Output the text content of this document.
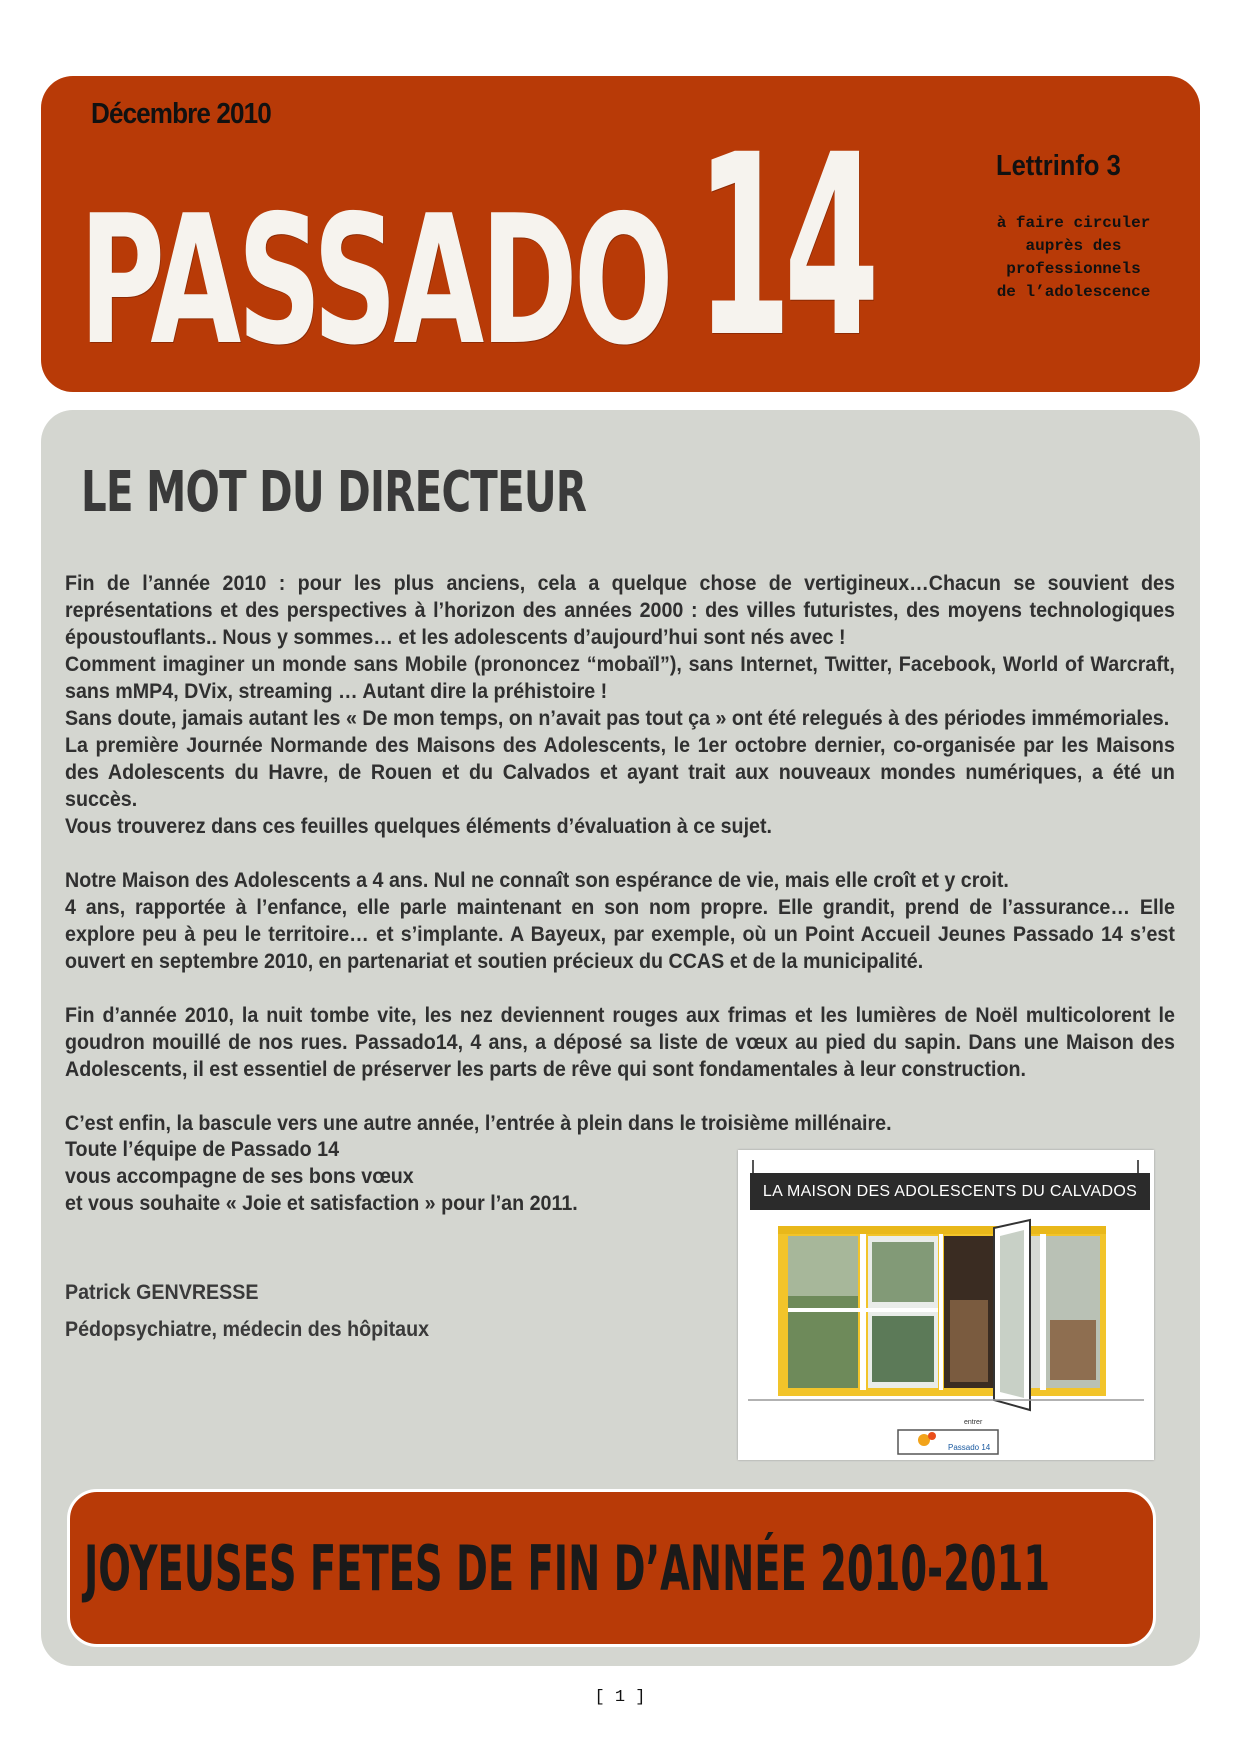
Décembre 2010
PASSADO 14	Lettrinfo 3
à faire circuler
auprès des
professionnels
de l’adolescence
LE MOT DU DIRECTEUR

Fin de l’année 2010 : pour les plus anciens, cela a quelque chose de vertigineux…Chacun se souvient des représentations et des perspectives à l’horizon des années 2000 : des villes futuristes, des moyens technologiques époustouflants.. Nous y sommes… et les adolescents d’aujourd’hui sont nés avec !

Comment imaginer un monde sans Mobile (prononcez “mobaïl”), sans Internet, Twitter, Facebook, World of Warcraft, sans mMP4, DVix, streaming … Autant dire la préhistoire !

Sans doute, jamais autant les « De mon temps, on n’avait pas tout ça » ont été relegués à des périodes immémoriales.

La première Journée Normande des Maisons des Adolescents, le 1er octobre dernier, co-organisée par les Maisons des Adolescents du Havre, de Rouen et du Calvados et ayant trait aux nouveaux mondes numériques, a été un succès.

Vous trouverez dans ces feuilles quelques éléments d’évaluation à ce sujet.

Notre Maison des Adolescents a 4 ans. Nul ne connaît son espérance de vie, mais elle croît et y croit.

4 ans, rapportée à l’enfance, elle parle maintenant en son nom propre. Elle grandit, prend de l’assurance… Elle explore peu à peu le territoire… et s’implante. A Bayeux, par exemple, où un Point Accueil Jeunes Passado 14 s’est ouvert en septembre 2010, en partenariat et soutien précieux du CCAS et de la municipalité.

Fin d’année 2010, la nuit tombe vite, les nez deviennent rouges aux frimas et les lumières de Noël multicolorent le goudron mouillé de nos rues. Passado14, 4 ans, a déposé sa liste de vœux au pied du sapin. Dans une Maison des Adolescents, il est essentiel de préserver les parts de rêve qui sont fondamentales à leur construction.

C’est enfin, la bascule vers une autre année, l’entrée à plein dans le troisième millénaire.

Toute l’équipe de Passado 14
vous accompagne de ses bons vœux
et vous souhaite « Joie et satisfaction » pour l’an 2011.
Patrick GENVRESSE
Pédopsychiatre, médecin des hôpitaux
Passado 14
entrer
LA MAISON DES ADOLESCENTS DU CALVADOS
JOYEUSES FETES DE FIN D’ANNÉE 2010-2011
[ 1 ]
